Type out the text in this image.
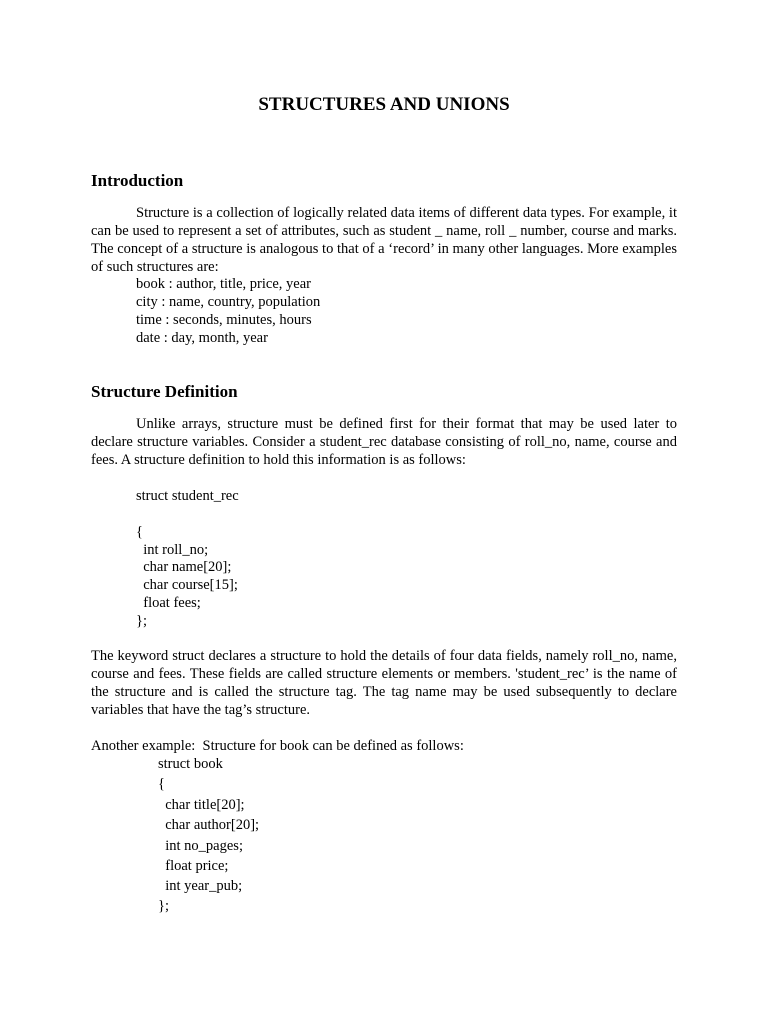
STRUCTURES AND UNIONS
Introduction

Structure is a collection of logically related data items of different data types. For example, it can be used to represent a set of attributes, such as student _ name, roll _ number, course and marks. The concept of a structure is analogous to that of a ‘record’ in many other languages. More examples of such structures are:

book : author, title, price, year
city : name, country, population
time : seconds, minutes, hours
date : day, month, year
Structure Definition

Unlike arrays, structure must be defined first for their format that may be used later to declare structure variables. Consider a student_rec database consisting of roll_no, name, course and fees. A structure definition to hold this information is as follows:

struct student_rec
{
int roll_no;
char name[20];
char course[15];
float fees;
};

The keyword struct declares a structure to hold the details of four data fields, namely roll_no, name, course and fees. These fields are called structure elements or members. 'student_rec’ is the name of the structure and is called the structure tag. The tag name may be used subsequently to declare variables that have the tag’s structure.

Another example:  Structure for book can be defined as follows:
struct book
{
char title[20];
char author[20];
int no_pages;
float price;
int year_pub;
};
